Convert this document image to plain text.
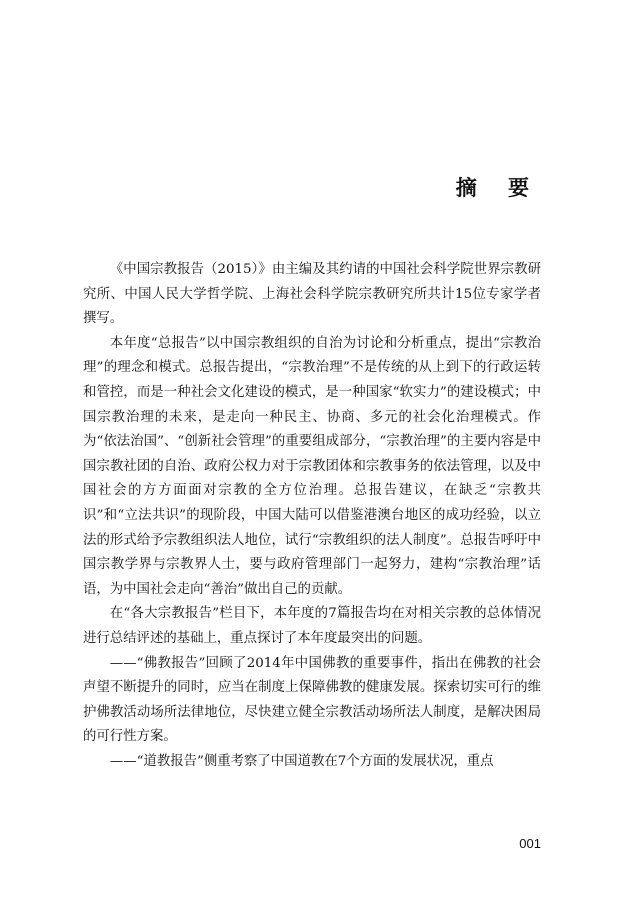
摘 要

《中国宗教报告（2015）》由主编及其约请的中国社会科学院世界宗教研究所、中国人民大学哲学院、上海社会科学院宗教研究所共计15位专家学者撰写。

本年度“总报告”以中国宗教组织的自治为讨论和分析重点，提出“宗教治理”的理念和模式。总报告提出，“宗教治理”不是传统的从上到下的行政运转和管控，而是一种社会文化建设的模式，是一种国家“软实力”的建设模式；中国宗教治理的未来，是走向一种民主、协商、多元的社会化治理模式。作为“依法治国”、“创新社会管理”的重要组成部分，“宗教治理”的主要内容是中国宗教社团的自治、政府公权力对于宗教团体和宗教事务的依法管理，以及中国社会的方方面面对宗教的全方位治理。总报告建议，在缺乏“宗教共识”和“立法共识”的现阶段，中国大陆可以借鉴港澳台地区的成功经验，以立法的形式给予宗教组织法人地位，试行“宗教组织的法人制度”。总报告呼吁中国宗教学界与宗教界人士，要与政府管理部门一起努力，建构“宗教治理”话语，为中国社会走向“善治”做出自己的贡献。

在“各大宗教报告”栏目下，本年度的7篇报告均在对相关宗教的总体情况进行总结评述的基础上，重点探讨了本年度最突出的问题。

——“佛教报告”回顾了2014年中国佛教的重要事件，指出在佛教的社会声望不断提升的同时，应当在制度上保障佛教的健康发展。探索切实可行的维护佛教活动场所法律地位，尽快建立健全宗教活动场所法人制度，是解决困局的可行性方案。

——“道教报告”侧重考察了中国道教在7个方面的发展状况，重点

001
